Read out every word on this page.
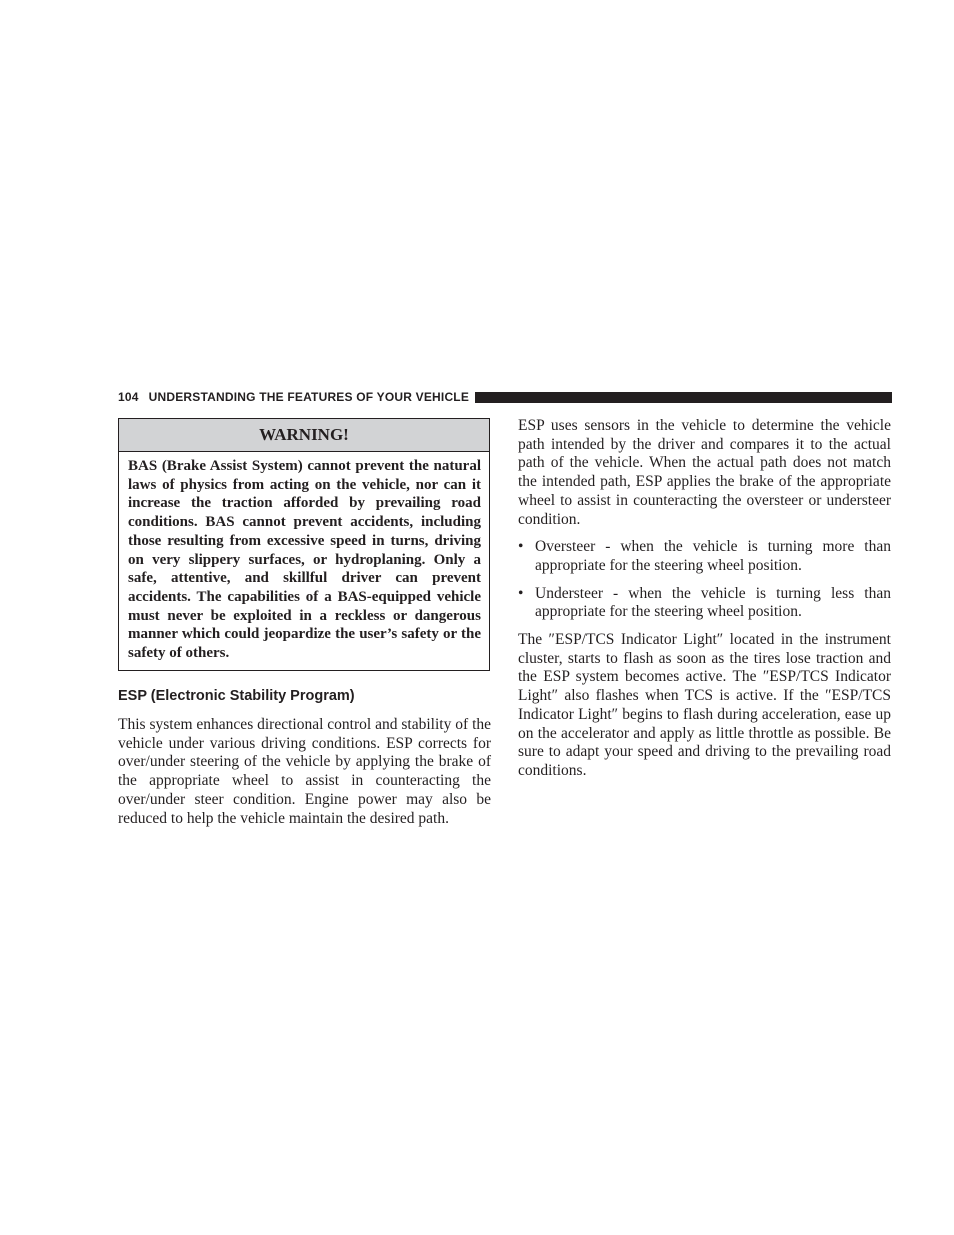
104 UNDERSTANDING THE FEATURES OF YOUR VEHICLE
WARNING!
BAS (Brake Assist System) cannot prevent the natural laws of physics from acting on the vehicle, nor can it increase the traction afforded by prevailing road conditions. BAS cannot prevent accidents, including those resulting from excessive speed in turns, driving on very slippery surfaces, or hydroplaning. Only a safe, attentive, and skillful driver can prevent accidents. The capabilities of a BAS-equipped vehicle must never be exploited in a reckless or dangerous manner which could jeopardize the user’s safety or the safety of others.
ESP (Electronic Stability Program)

This system enhances directional control and stability of the vehicle under various driving conditions. ESP corrects for over/under steering of the vehicle by applying the brake of the appropriate wheel to assist in counteracting the over/under steer condition. Engine power may also be reduced to help the vehicle maintain the desired path.

ESP uses sensors in the vehicle to determine the vehicle path intended by the driver and compares it to the actual path of the vehicle. When the actual path does not match the intended path, ESP applies the brake of the appropriate wheel to assist in counteracting the oversteer or understeer condition.

• Oversteer - when the vehicle is turning more than appropriate for the steering wheel position.
• Understeer - when the vehicle is turning less than appropriate for the steering wheel position.

The ″ESP/TCS Indicator Light″ located in the instrument cluster, starts to flash as soon as the tires lose traction and the ESP system becomes active. The ″ESP/TCS Indicator Light″ also flashes when TCS is active. If the ″ESP/TCS Indicator Light″ begins to flash during acceleration, ease up on the accelerator and apply as little throttle as possible. Be sure to adapt your speed and driving to the prevailing road conditions.
